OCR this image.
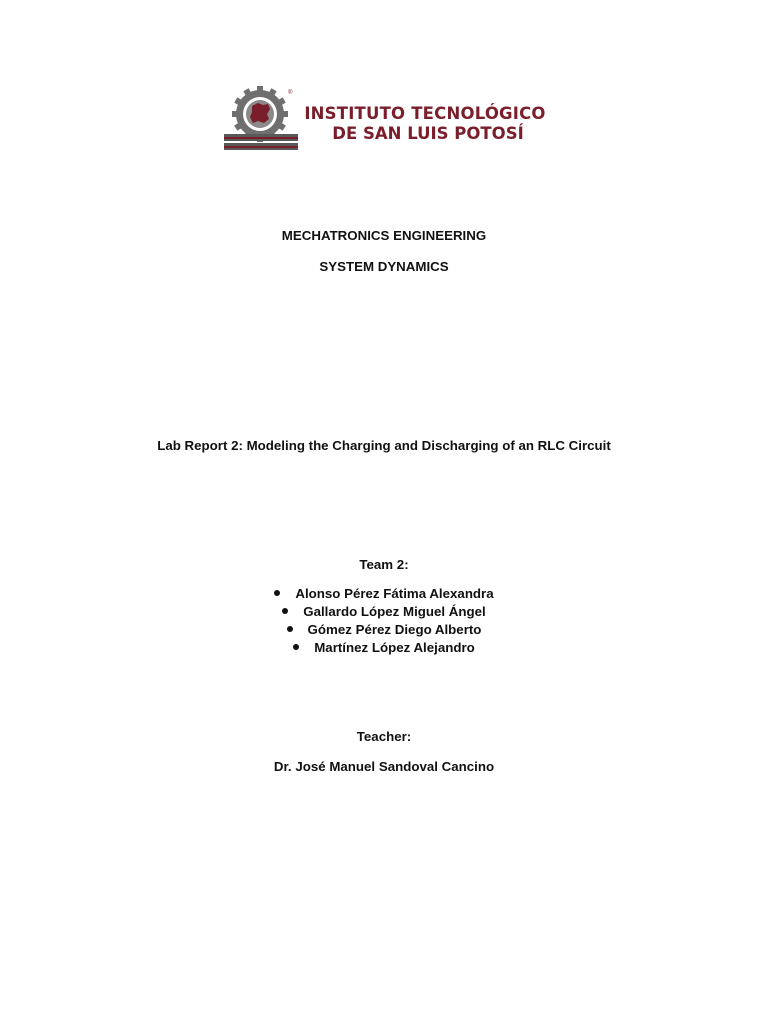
®
INSTITUTO TECNOLÓGICO
DE SAN LUIS POTOSÍ
MECHATRONICS ENGINEERING
SYSTEM DYNAMICS
Lab Report 2: Modeling the Charging and Discharging of an RLC Circuit
Team 2:
Alonso Pérez Fátima Alexandra
Gallardo López Miguel Ángel
Gómez Pérez Diego Alberto
Martínez López Alejandro
Teacher:
Dr. José Manuel Sandoval Cancino
